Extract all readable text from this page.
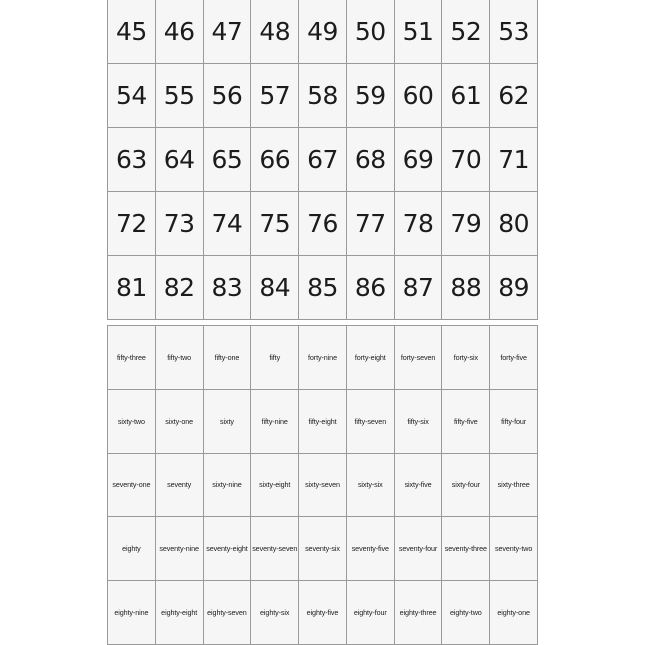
45 46 47 48 49 50 51 52 53
54 55 56 57 58 59 60 61 62
63 64 65 66 67 68 69 70 71
72 73 74 75 76 77 78 79 80
81 82 83 84 85 86 87 88 89
fifty-three	fifty-two	fifty-one	fifty	forty-nine forty-eight forty-seven	forty-six	forty-five
sixty-two	sixty-one	sixty	fifty-nine	fifty-eight fifty-seven	fifty-six	fifty-five	fifty-four
seventy-one seventy	sixty-nine sixty-eight sixty-seven	sixty-six	sixty-five	sixty-four sixty-three
eighty	seventy-nine seventy-eight seventy-seven seventy-six seventy-five seventy-four seventy-three seventy-two
eighty-nine eighty-eight eighty-seven eighty-six eighty-five eighty-four eighty-three eighty-two eighty-one
